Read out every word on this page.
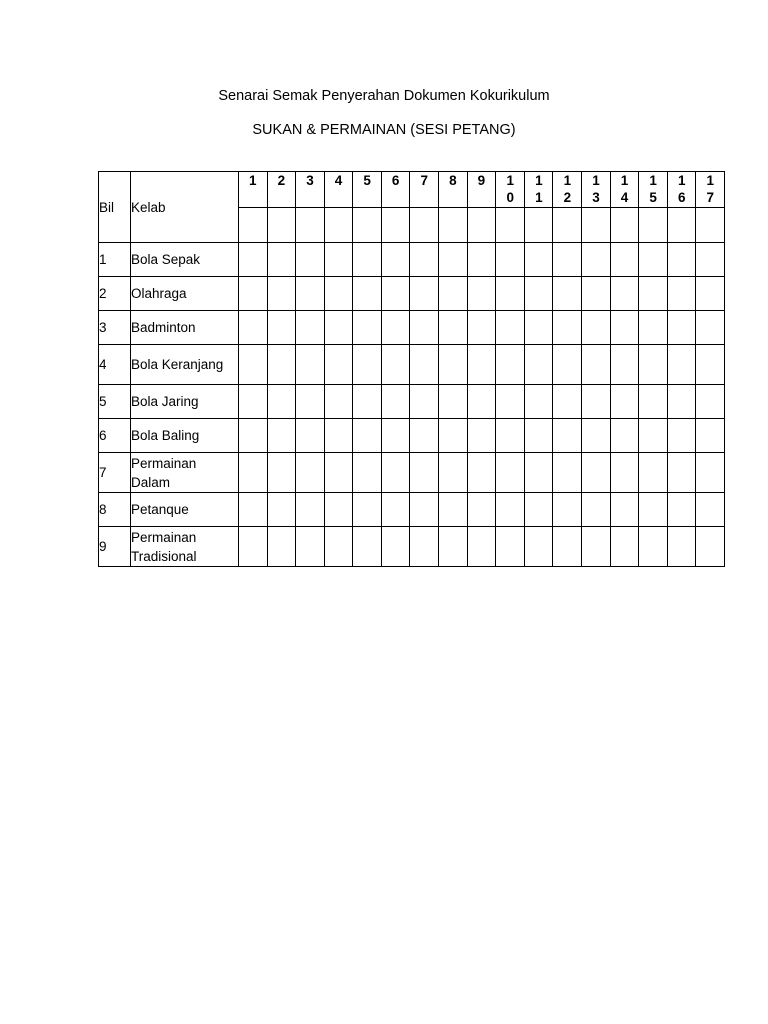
Senarai Semak Penyerahan Dokumen Kokurikulum
SUKAN & PERMAINAN (SESI PETANG)
Bil	Kelab	1	2	3	4	5	6	7	8	9	10	11	12	13	14	15	16	17

1	Bola Sepak																	
2	Olahraga																	
3	Badminton																	
4	Bola Keranjang																	
5	Bola Jaring																	
6	Bola Baling																	
7	Permainan Dalam																	
8	Petanque																	
9	Permainan Tradisional																	
